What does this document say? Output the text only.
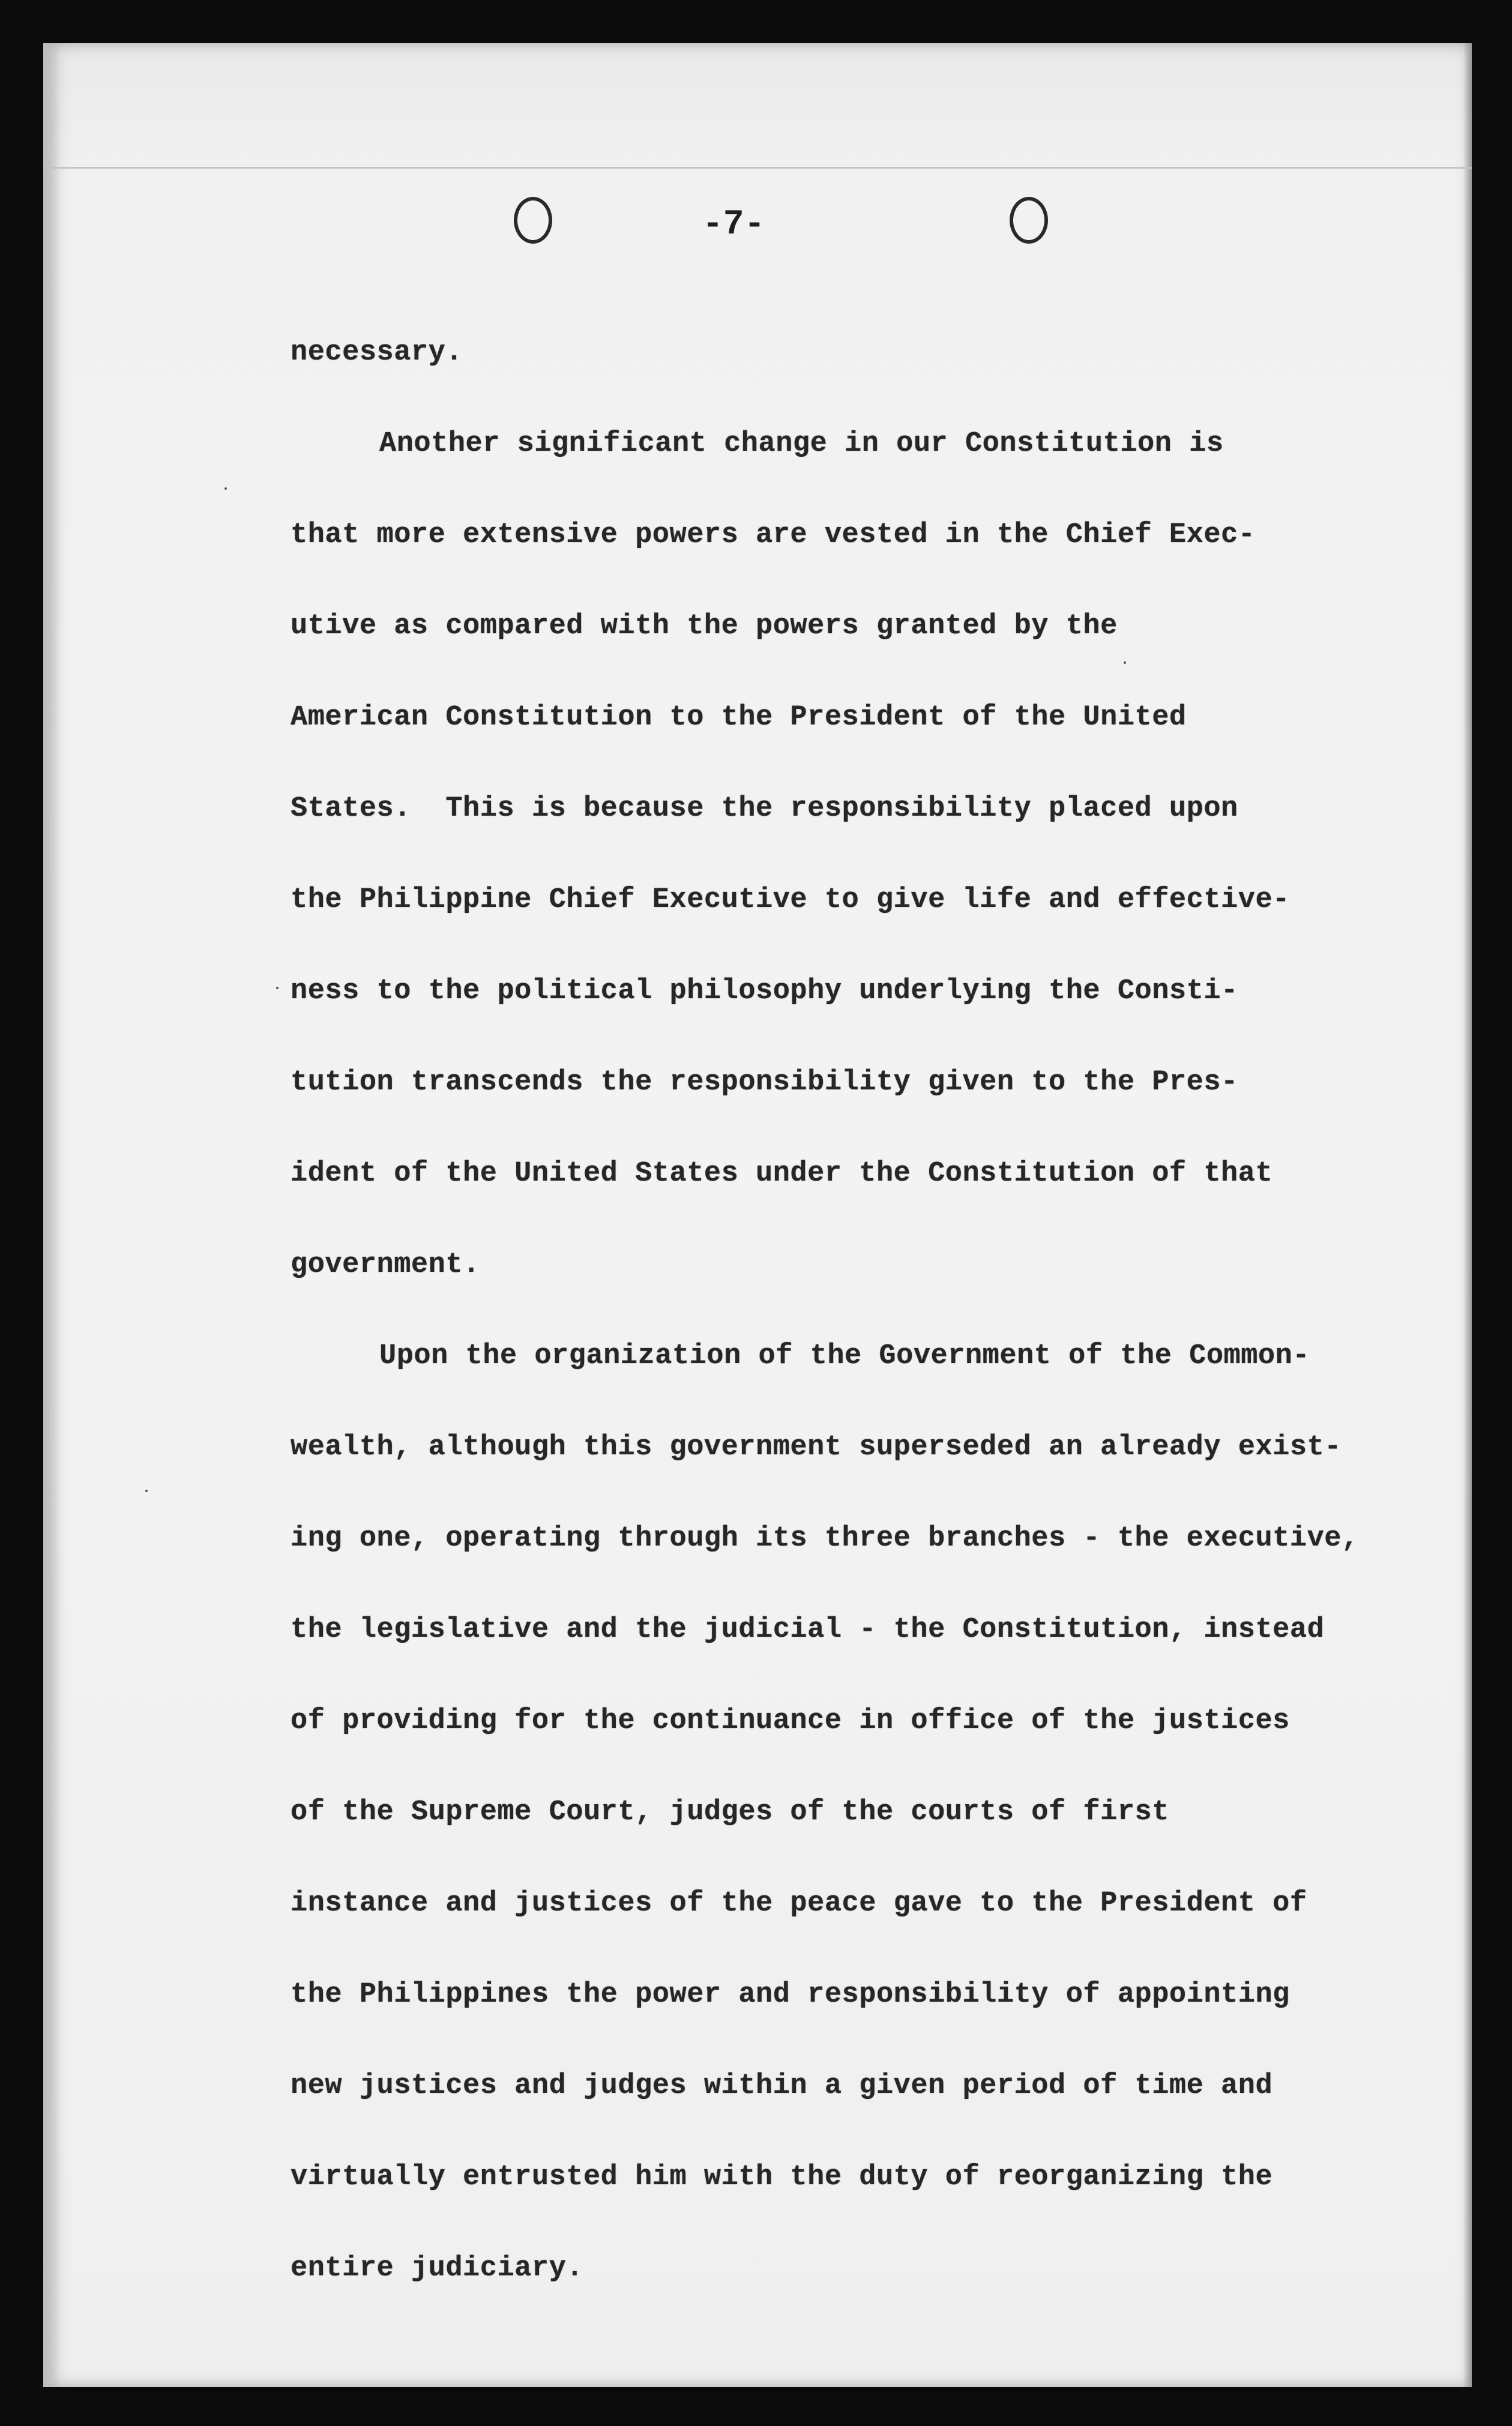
-7-
necessary.
Another significant change in our Constitution is
that more extensive powers are vested in the Chief Exec-
utive as compared with the powers granted by the
American Constitution to the President of the United
States.  This is because the responsibility placed upon
the Philippine Chief Executive to give life and effective-
ness to the political philosophy underlying the Consti-
tution transcends the responsibility given to the Pres-
ident of the United States under the Constitution of that
government.
Upon the organization of the Government of the Common-
wealth, although this government superseded an already exist-
ing one, operating through its three branches - the executive,
the legislative and the judicial - the Constitution, instead
of providing for the continuance in office of the justices
of the Supreme Court, judges of the courts of first
instance and justices of the peace gave to the President of
the Philippines the power and responsibility of appointing
new justices and judges within a given period of time and
virtually entrusted him with the duty of reorganizing the
entire judiciary.
